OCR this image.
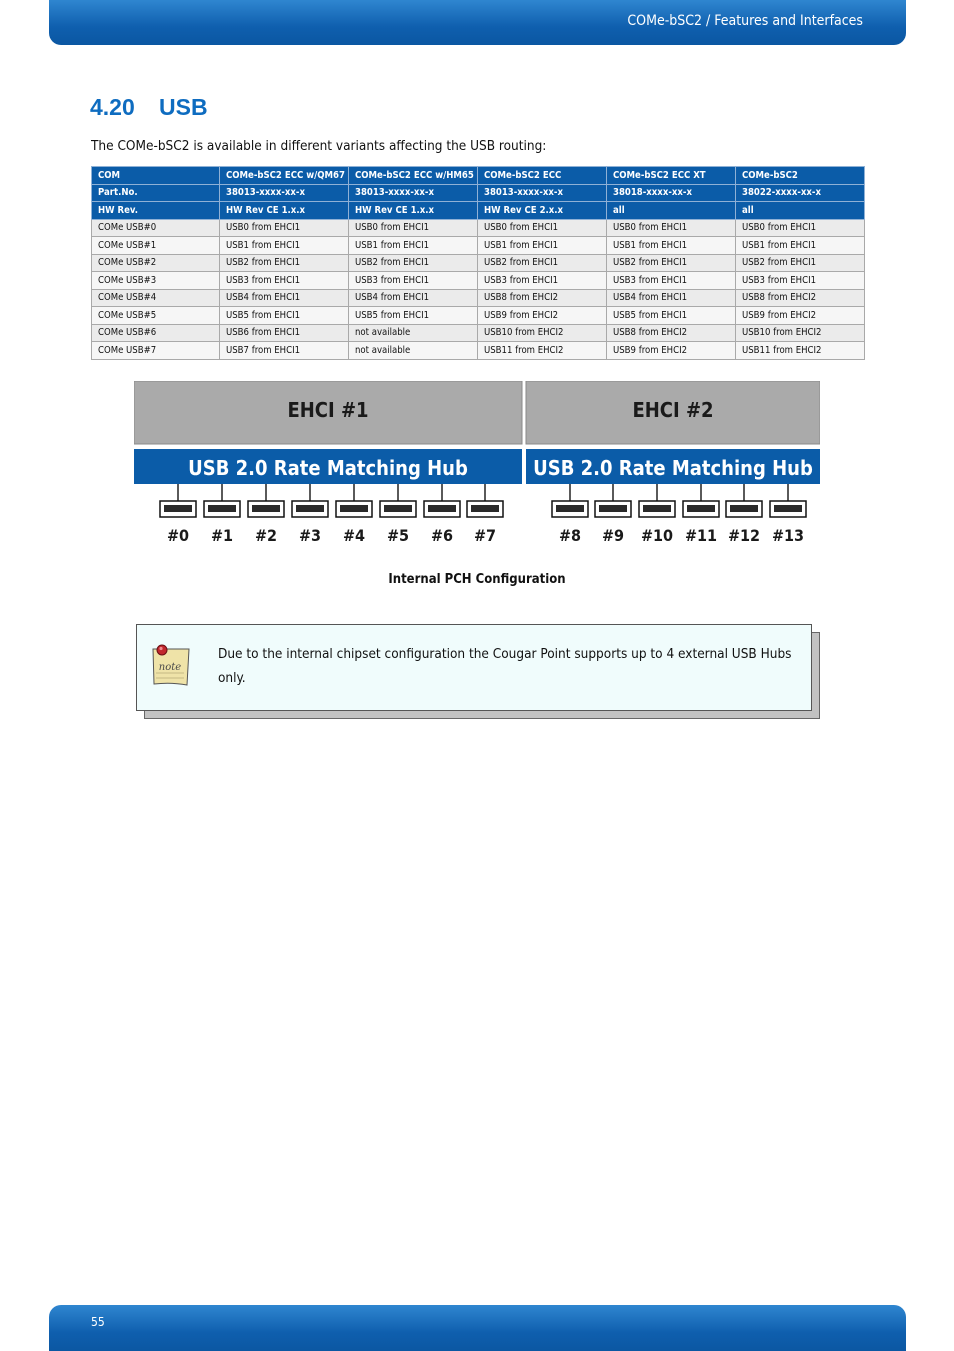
COMe-bSC2 / Features and Interfaces
4.20 USB
The COMe-bSC2 is available in different variants affecting the USB routing:
COM	COMe-bSC2 ECC w/QM67	COMe-bSC2 ECC w/HM65	COMe-bSC2 ECC	COMe-bSC2 ECC XT	COMe-bSC2
Part.No.	38013-xxxx-xx-x	38013-xxxx-xx-x	38013-xxxx-xx-x	38018-xxxx-xx-x	38022-xxxx-xx-x
HW Rev.	HW Rev CE 1.x.x	HW Rev CE 1.x.x	HW Rev CE 2.x.x	all	all
COMe USB#0	USB0 from EHCI1	USB0 from EHCI1	USB0 from EHCI1	USB0 from EHCI1	USB0 from EHCI1
COMe USB#1	USB1 from EHCI1	USB1 from EHCI1	USB1 from EHCI1	USB1 from EHCI1	USB1 from EHCI1
COMe USB#2	USB2 from EHCI1	USB2 from EHCI1	USB2 from EHCI1	USB2 from EHCI1	USB2 from EHCI1
COMe USB#3	USB3 from EHCI1	USB3 from EHCI1	USB3 from EHCI1	USB3 from EHCI1	USB3 from EHCI1
COMe USB#4	USB4 from EHCI1	USB4 from EHCI1	USB8 from EHCI2	USB4 from EHCI1	USB8 from EHCI2
COMe USB#5	USB5 from EHCI1	USB5 from EHCI1	USB9 from EHCI2	USB5 from EHCI1	USB9 from EHCI2
COMe USB#6	USB6 from EHCI1	not available	USB10 from EHCI2	USB8 from EHCI2	USB10 from EHCI2
COMe USB#7	USB7 from EHCI1	not available	USB11 from EHCI2	USB9 from EHCI2	USB11 from EHCI2
EHCI #1
USB 2.0 Rate Matching Hub
#0 #1 #2 #3 #4 #5 #6 #7
EHCI #2
USB 2.0 Rate Matching Hub
#8 #9 #10 #11 #12 #13
Internal PCH Configuration
note
Due to the internal chipset configuration the Cougar Point supports up to 4 external USB Hubs only.
55
